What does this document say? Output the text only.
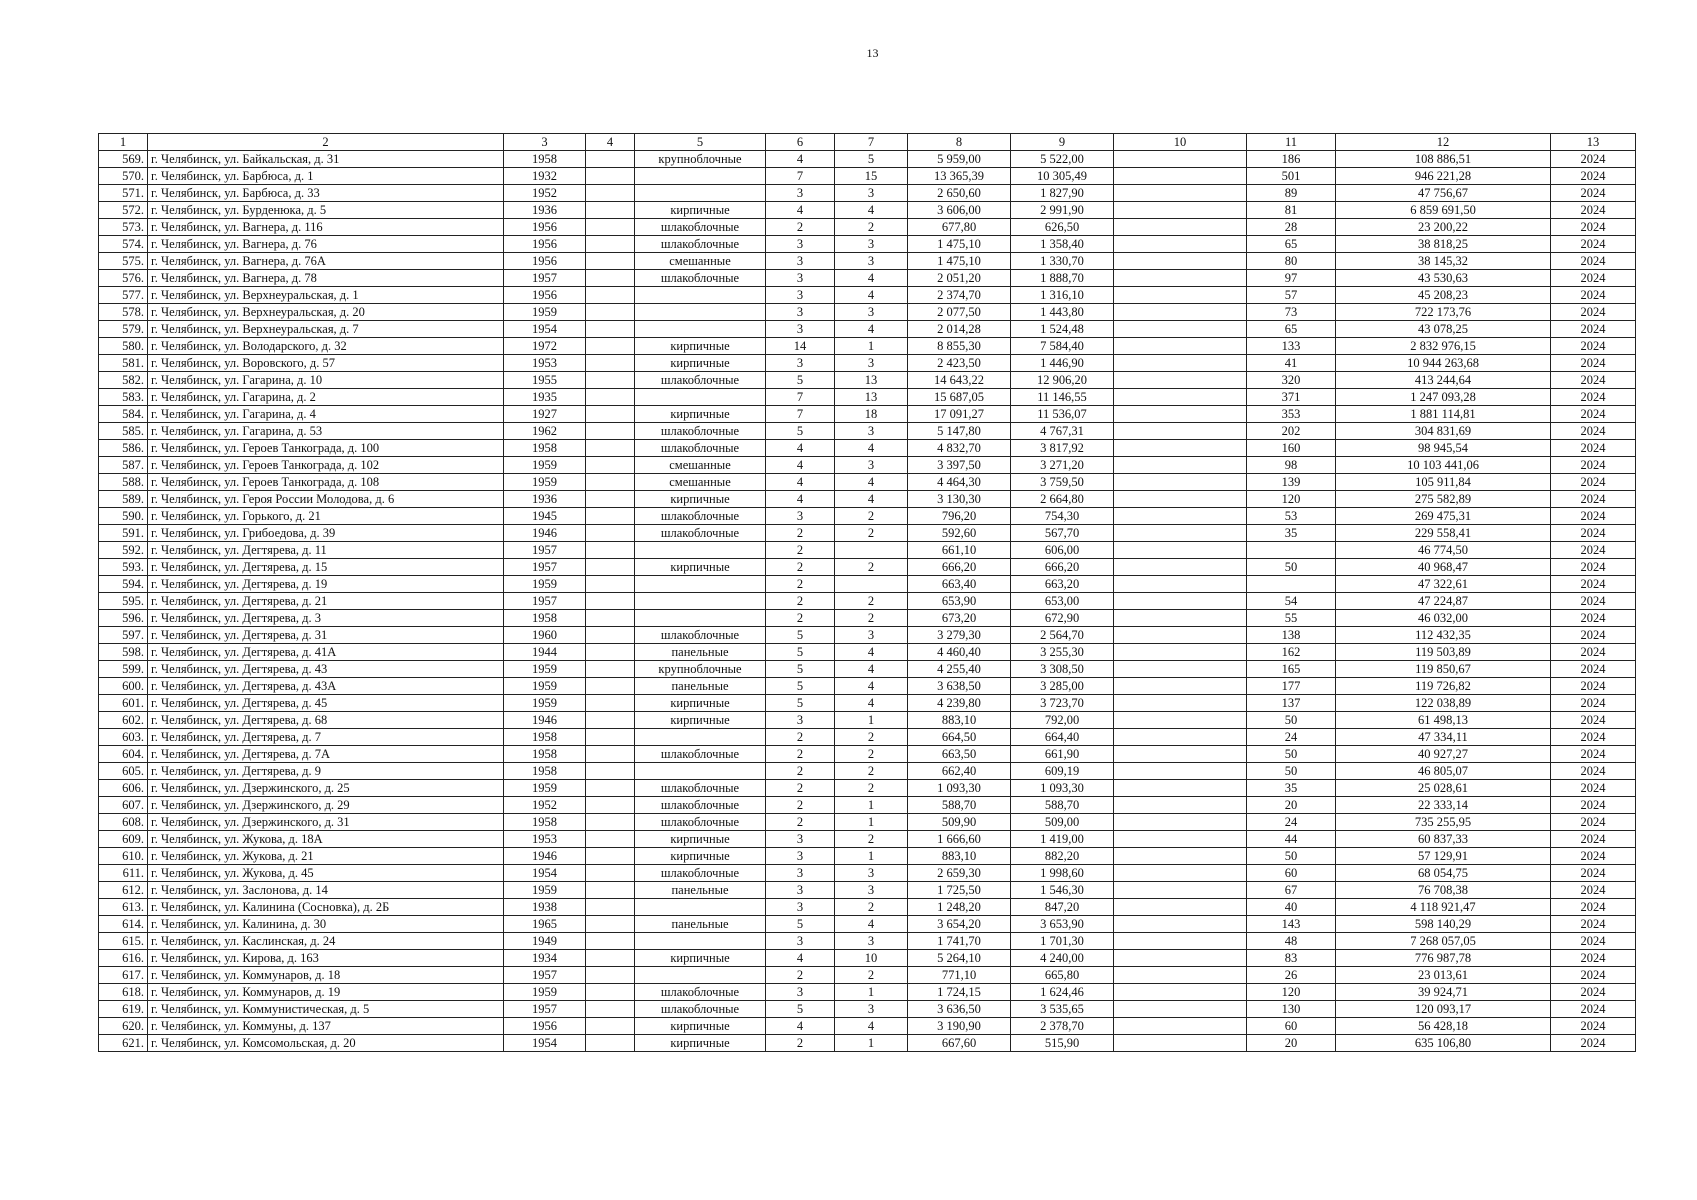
13
1	2	3	4	5	6	7	8	9	10	11	12	13
569.	г. Челябинск, ул. Байкальская, д. 31	1958		крупноблочные	4	5	5 959,00	5 522,00		186	108 886,51	2024
570.	г. Челябинск, ул. Барбюса, д. 1	1932			7	15	13 365,39	10 305,49		501	946 221,28	2024
571.	г. Челябинск, ул. Барбюса, д. 33	1952			3	3	2 650,60	1 827,90		89	47 756,67	2024
572.	г. Челябинск, ул. Бурденюка, д. 5	1936		кирпичные	4	4	3 606,00	2 991,90		81	6 859 691,50	2024
573.	г. Челябинск, ул. Вагнера, д. 116	1956		шлакоблочные	2	2	677,80	626,50		28	23 200,22	2024
574.	г. Челябинск, ул. Вагнера, д. 76	1956		шлакоблочные	3	3	1 475,10	1 358,40		65	38 818,25	2024
575.	г. Челябинск, ул. Вагнера, д. 76А	1956		смешанные	3	3	1 475,10	1 330,70		80	38 145,32	2024
576.	г. Челябинск, ул. Вагнера, д. 78	1957		шлакоблочные	3	4	2 051,20	1 888,70		97	43 530,63	2024
577.	г. Челябинск, ул. Верхнеуральская, д. 1	1956			3	4	2 374,70	1 316,10		57	45 208,23	2024
578.	г. Челябинск, ул. Верхнеуральская, д. 20	1959			3	3	2 077,50	1 443,80		73	722 173,76	2024
579.	г. Челябинск, ул. Верхнеуральская, д. 7	1954			3	4	2 014,28	1 524,48		65	43 078,25	2024
580.	г. Челябинск, ул. Володарского, д. 32	1972		кирпичные	14	1	8 855,30	7 584,40		133	2 832 976,15	2024
581.	г. Челябинск, ул. Воровского, д. 57	1953		кирпичные	3	3	2 423,50	1 446,90		41	10 944 263,68	2024
582.	г. Челябинск, ул. Гагарина, д. 10	1955		шлакоблочные	5	13	14 643,22	12 906,20		320	413 244,64	2024
583.	г. Челябинск, ул. Гагарина, д. 2	1935			7	13	15 687,05	11 146,55		371	1 247 093,28	2024
584.	г. Челябинск, ул. Гагарина, д. 4	1927		кирпичные	7	18	17 091,27	11 536,07		353	1 881 114,81	2024
585.	г. Челябинск, ул. Гагарина, д. 53	1962		шлакоблочные	5	3	5 147,80	4 767,31		202	304 831,69	2024
586.	г. Челябинск, ул. Героев Танкограда, д. 100	1958		шлакоблочные	4	4	4 832,70	3 817,92		160	98 945,54	2024
587.	г. Челябинск, ул. Героев Танкограда, д. 102	1959		смешанные	4	3	3 397,50	3 271,20		98	10 103 441,06	2024
588.	г. Челябинск, ул. Героев Танкограда, д. 108	1959		смешанные	4	4	4 464,30	3 759,50		139	105 911,84	2024
589.	г. Челябинск, ул. Героя России Молодова, д. 6	1936		кирпичные	4	4	3 130,30	2 664,80		120	275 582,89	2024
590.	г. Челябинск, ул. Горького, д. 21	1945		шлакоблочные	3	2	796,20	754,30		53	269 475,31	2024
591.	г. Челябинск, ул. Грибоедова, д. 39	1946		шлакоблочные	2	2	592,60	567,70		35	229 558,41	2024
592.	г. Челябинск, ул. Дегтярева, д. 11	1957			2		661,10	606,00			46 774,50	2024
593.	г. Челябинск, ул. Дегтярева, д. 15	1957		кирпичные	2	2	666,20	666,20		50	40 968,47	2024
594.	г. Челябинск, ул. Дегтярева, д. 19	1959			2		663,40	663,20			47 322,61	2024
595.	г. Челябинск, ул. Дегтярева, д. 21	1957			2	2	653,90	653,00		54	47 224,87	2024
596.	г. Челябинск, ул. Дегтярева, д. 3	1958			2	2	673,20	672,90		55	46 032,00	2024
597.	г. Челябинск, ул. Дегтярева, д. 31	1960		шлакоблочные	5	3	3 279,30	2 564,70		138	112 432,35	2024
598.	г. Челябинск, ул. Дегтярева, д. 41А	1944		панельные	5	4	4 460,40	3 255,30		162	119 503,89	2024
599.	г. Челябинск, ул. Дегтярева, д. 43	1959		крупноблочные	5	4	4 255,40	3 308,50		165	119 850,67	2024
600.	г. Челябинск, ул. Дегтярева, д. 43А	1959		панельные	5	4	3 638,50	3 285,00		177	119 726,82	2024
601.	г. Челябинск, ул. Дегтярева, д. 45	1959		кирпичные	5	4	4 239,80	3 723,70		137	122 038,89	2024
602.	г. Челябинск, ул. Дегтярева, д. 68	1946		кирпичные	3	1	883,10	792,00		50	61 498,13	2024
603.	г. Челябинск, ул. Дегтярева, д. 7	1958			2	2	664,50	664,40		24	47 334,11	2024
604.	г. Челябинск, ул. Дегтярева, д. 7А	1958		шлакоблочные	2	2	663,50	661,90		50	40 927,27	2024
605.	г. Челябинск, ул. Дегтярева, д. 9	1958			2	2	662,40	609,19		50	46 805,07	2024
606.	г. Челябинск, ул. Дзержинского, д. 25	1959		шлакоблочные	2	2	1 093,30	1 093,30		35	25 028,61	2024
607.	г. Челябинск, ул. Дзержинского, д. 29	1952		шлакоблочные	2	1	588,70	588,70		20	22 333,14	2024
608.	г. Челябинск, ул. Дзержинского, д. 31	1958		шлакоблочные	2	1	509,90	509,00		24	735 255,95	2024
609.	г. Челябинск, ул. Жукова, д. 18А	1953		кирпичные	3	2	1 666,60	1 419,00		44	60 837,33	2024
610.	г. Челябинск, ул. Жукова, д. 21	1946		кирпичные	3	1	883,10	882,20		50	57 129,91	2024
611.	г. Челябинск, ул. Жукова, д. 45	1954		шлакоблочные	3	3	2 659,30	1 998,60		60	68 054,75	2024
612.	г. Челябинск, ул. Заслонова, д. 14	1959		панельные	3	3	1 725,50	1 546,30		67	76 708,38	2024
613.	г. Челябинск, ул. Калинина (Сосновка), д. 2Б	1938			3	2	1 248,20	847,20		40	4 118 921,47	2024
614.	г. Челябинск, ул. Калинина, д. 30	1965		панельные	5	4	3 654,20	3 653,90		143	598 140,29	2024
615.	г. Челябинск, ул. Каслинская, д. 24	1949			3	3	1 741,70	1 701,30		48	7 268 057,05	2024
616.	г. Челябинск, ул. Кирова, д. 163	1934		кирпичные	4	10	5 264,10	4 240,00		83	776 987,78	2024
617.	г. Челябинск, ул. Коммунаров, д. 18	1957			2	2	771,10	665,80		26	23 013,61	2024
618.	г. Челябинск, ул. Коммунаров, д. 19	1959		шлакоблочные	3	1	1 724,15	1 624,46		120	39 924,71	2024
619.	г. Челябинск, ул. Коммунистическая, д. 5	1957		шлакоблочные	5	3	3 636,50	3 535,65		130	120 093,17	2024
620.	г. Челябинск, ул. Коммуны, д. 137	1956		кирпичные	4	4	3 190,90	2 378,70		60	56 428,18	2024
621.	г. Челябинск, ул. Комсомольская, д. 20	1954		кирпичные	2	1	667,60	515,90		20	635 106,80	2024
